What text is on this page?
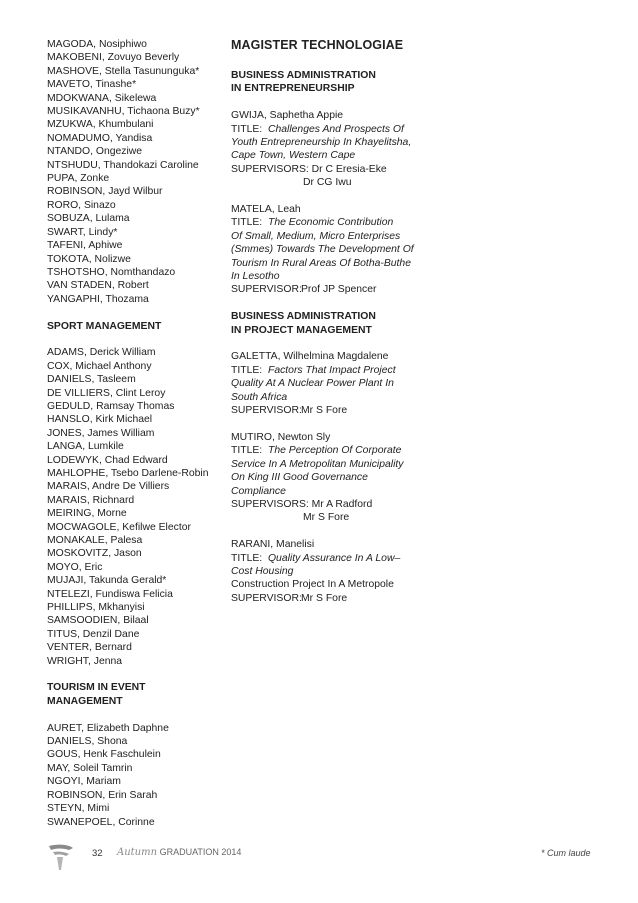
MAGODA, Nosiphiwo
MAKOBENI, Zovuyo Beverly
MASHOVE, Stella Tasununguka*
MAVETO, Tinashe*
MDOKWANA, Sikelewa
MUSIKAVANHU, Tichaona Buzy*
MZUKWA, Khumbulani
NOMADUMO, Yandisa
NTANDO, Ongeziwe
NTSHUDU, Thandokazi Caroline
PUPA, Zonke
ROBINSON, Jayd Wilbur
RORO, Sinazo
SOBUZA, Lulama
SWART, Lindy*
TAFENI, Aphiwe
TOKOTA, Nolizwe
TSHOTSHO, Nomthandazo
VAN STADEN, Robert
YANGAPHI, Thozama
SPORT MANAGEMENT
ADAMS, Derick William
COX, Michael Anthony
DANIELS, Tasleem
DE VILLIERS, Clint Leroy
GEDULD, Ramsay Thomas
HANSLO, Kirk Michael
JONES, James William
LANGA, Lumkile
LODEWYK, Chad Edward
MAHLOPHE, Tsebo Darlene-Robin
MARAIS, Andre De Villiers
MARAIS, Richnard
MEIRING, Morne
MOCWAGOLE, Kefilwe Elector
MONAKALE, Palesa
MOSKOVITZ, Jason
MOYO, Eric
MUJAJI, Takunda Gerald*
NTELEZI, Fundiswa Felicia
PHILLIPS, Mkhanyisi
SAMSOODIEN, Bilaal
TITUS, Denzil Dane
VENTER, Bernard
WRIGHT, Jenna
TOURISM IN EVENT
MANAGEMENT
AURET, Elizabeth Daphne
DANIELS, Shona
GOUS, Henk Faschulein
MAY, Soleil Tamrin
NGOYI, Mariam
ROBINSON, Erin Sarah
STEYN, Mimi
SWANEPOEL, Corinne
MAGISTER TECHNOLOGIAE
BUSINESS ADMINISTRATION
IN ENTREPRENEURSHIP
GWIJA, Saphetha Appie
TITLE: Challenges And Prospects Of
Youth Entrepreneurship In Khayelitsha,
Cape Town, Western Cape
SUPERVISORS: Dr C Eresia-Eke
Dr CG Iwu
MATELA, Leah
TITLE: The Economic Contribution
Of Small, Medium, Micro Enterprises
(Smmes) Towards The Development Of
Tourism In Rural Areas Of Botha-Buthe
In Lesotho
SUPERVISOR:Prof JP Spencer
BUSINESS ADMINISTRATION
IN PROJECT MANAGEMENT
GALETTA, Wilhelmina Magdalene
TITLE: Factors That Impact Project
Quality At A Nuclear Power Plant In
South Africa
SUPERVISOR:Mr S Fore
MUTIRO, Newton Sly
TITLE: The Perception Of Corporate
Service In A Metropolitan Municipality
On King III Good Governance
Compliance
SUPERVISORS: Mr A Radford
Mr S Fore
RARANI, Manelisi
TITLE: Quality Assurance In A Low–
Cost Housing
Construction Project In A Metropole
SUPERVISOR:Mr S Fore
32 Autumn GRADUATION 2014	* Cum laude
